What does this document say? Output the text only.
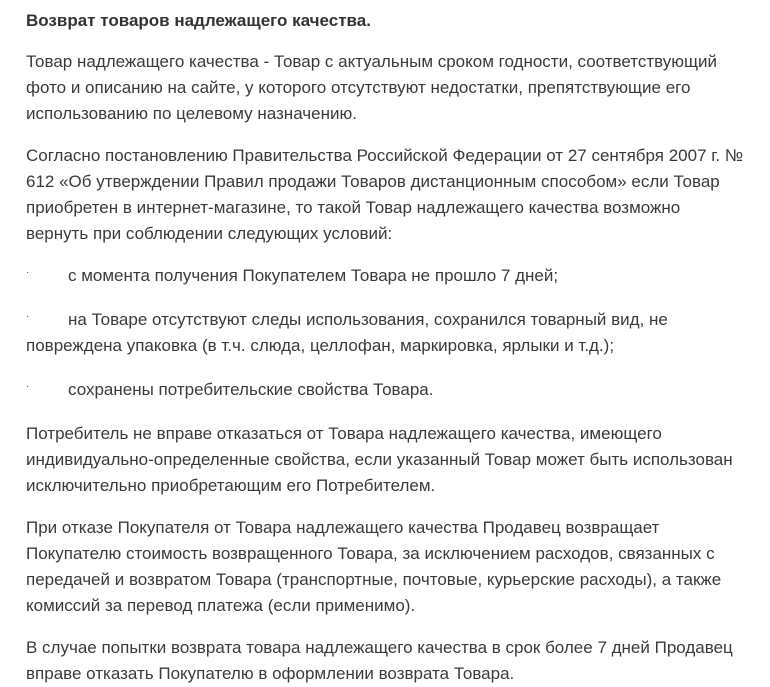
Возврат товаров надлежащего качества.
Товар надлежащего качества - Товар с актуальным сроком годности, соответствующий
фото и описанию на сайте, у которого отсутствуют недостатки, препятствующие его
использованию по целевому назначению.
Согласно постановлению Правительства Российской Федерации от 27 сентября 2007 г. №
612 «Об утверждении Правил продажи Товаров дистанционным способом» если Товар
приобретен в интернет-магазине, то такой Товар надлежащего качества возможно
вернуть при соблюдении следующих условий:
·	с момента получения Покупателем Товара не прошло 7 дней;
·	на Товаре отсутствуют следы использования, сохранился товарный вид, не
повреждена упаковка (в т.ч. слюда, целлофан, маркировка, ярлыки и т.д.);
·	сохранены потребительские свойства Товара.
Потребитель не вправе отказаться от Товара надлежащего качества, имеющего
индивидуально-определенные свойства, если указанный Товар может быть использован
исключительно приобретающим его Потребителем.
При отказе Покупателя от Товара надлежащего качества Продавец возвращает
Покупателю стоимость возвращенного Товара, за исключением расходов, связанных с
передачей и возвратом Товара (транспортные, почтовые, курьерские расходы), а также
комиссий за перевод платежа (если применимо).
В случае попытки возврата товара надлежащего качества в срок более 7 дней Продавец
вправе отказать Покупателю в оформлении возврата Товара.
